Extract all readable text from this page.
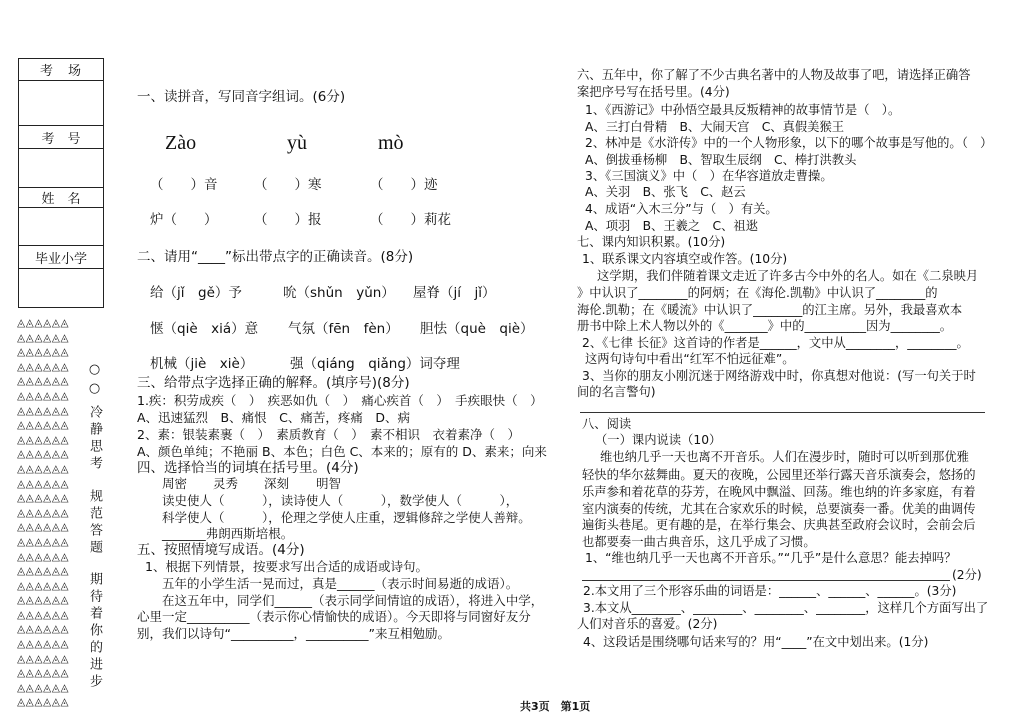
考　场
考　号
姓　名
毕业小学
◬◬◬◬◬◬
◬◬◬◬◬◬
◬◬◬◬◬◬
◬◬◬◬◬◬
◬◬◬◬◬◬
◬◬◬◬◬◬
◬◬◬◬◬◬
◬◬◬◬◬◬
◬◬◬◬◬◬
◬◬◬◬◬◬
◬◬◬◬◬◬
◬◬◬◬◬◬
◬◬◬◬◬◬
◬◬◬◬◬◬
◬◬◬◬◬◬
◬◬◬◬◬◬
◬◬◬◬◬◬
◬◬◬◬◬◬
◬◬◬◬◬◬
◬◬◬◬◬◬
◬◬◬◬◬◬
◬◬◬◬◬◬
◬◬◬◬◬◬
◬◬◬◬◬◬
◬◬◬◬◬◬
◬◬◬◬◬◬
◬◬◬◬◬◬
○○
冷静思考
规范答题
期待着你的进步
一、读拼音，写同音字组词。(6分)
Zào	yù	mò
（　　）音	（　　）寒	（　　）迹
炉（　　）	（　　）报	（　　）莉花
二、请用“____”标出带点字的正确读音。(8分)
给（jǐ　gě）予	吮（shǔn　yǔn） 屋脊（jí　jǐ）
惬（qiè　xiá）意 气氛（fēn　fèn） 胆怯（què　qiè）
机械（jiè　xiè）	强（qiáng　qiǎng）词夺理
三、给带点字选择正确的解释。(填序号)(8分)
1.疾：积劳成疾（　）　疾恶如仇（　）　痛心疾首（　）　手疾眼快（　）
A、迅速猛烈　B、痛恨　C、痛苦，疼痛　D、病
2、素：银装素裹（　）　素质教育（　）　素不相识　衣着素净（　）
A、颜色单纯；不艳丽 B、本色；白色 C、本来的；原有的 D、素来；向来
四、选择恰当的词填在括号里。(4分)
周密 灵秀 深刻 明智
读史使人（　　　），读诗使人（　　　），数学使人（　　　），
科学使人（　　　），伦理之学使人庄重，逻辑修辞之学使人善辩。
_______弗朗西斯培根。
五、按照情境写成语。(4分)
1、根据下列情景，按要求写出合适的成语或诗句。
五年的小学生活一晃而过，真是______（表示时间易逝的成语）。
在这五年中，同学们______（表示同学间情谊的成语），将进入中学，
心里一定__________（表示你心情愉快的成语）。今天即将与同窗好友分
别，我们以诗句“__________，__________”来互相勉励。
六、五年中，你了解了不少古典名著中的人物及故事了吧，请选择正确答
案把序号写在括号里。(4分)
1、《西游记》中孙悟空最具反叛精神的故事情节是（　）。
A、三打白骨精　B、大闹天宫　C、真假美猴王
2、林冲是《水浒传》中的一个人物形象，以下的哪个故事是写他的。（　）
A、倒拔垂杨柳　B、智取生辰纲　C、棒打洪教头
3、《三国演义》中（　）在华容道放走曹操。
A、关羽　B、张飞　C、赵云
4、成语“入木三分”与（　）有关。
A、项羽　B、王羲之　C、祖逖
七、课内知识积累。(10分)
1、联系课文内容填空或作答。(10分)
这学期，我们伴随着课文走近了许多古今中外的名人。如在《二泉映月
》中认识了________的阿炳；在《海伦.凯勒》中认识了________的
海伦.凯勒；在《暖流》中认识了________的江主席。另外，我最喜欢本
册书中除上术人物以外的《_______》中的__________因为________。
2、《七律 长征》这首诗的作者是______，文中从________，________。
这两句诗句中看出“红军不怕远征难”。
3、当你的朋友小刚沉迷于网络游戏中时，你真想对他说：(写一句关于时
间的名言警句)
八、阅读
（一）课内说读（10）
维也纳几乎一天也离不开音乐。人们在漫步时，随时可以听到那优雅
轻快的华尔兹舞曲。夏天的夜晚，公园里还举行露天音乐演奏会，悠扬的
乐声参和着花草的芬芳，在晚风中飘溢、回荡。维也纳的许多家庭，有着
室内演奏的传统，尤其在合家欢乐的时候，总要演奏一番。优美的曲调传
遍街头巷尾。更有趣的是，在举行集会、庆典甚至政府会议时，会前会后
也都要奏一曲古典音乐，这几乎成了习惯。
1、“维也纳几乎一天也离不开音乐。”“几乎”是什么意思？能去掉吗？
(2分)
2.本文用了三个形容乐曲的词语是：______、______、______。(3分)
3.本文从________、________、________、________，这样几个方面写出了
人们对音乐的喜爱。(2分)
4、这段话是围绕哪句话来写的？用“____”在文中划出来。(1分)
共3页　第1页
